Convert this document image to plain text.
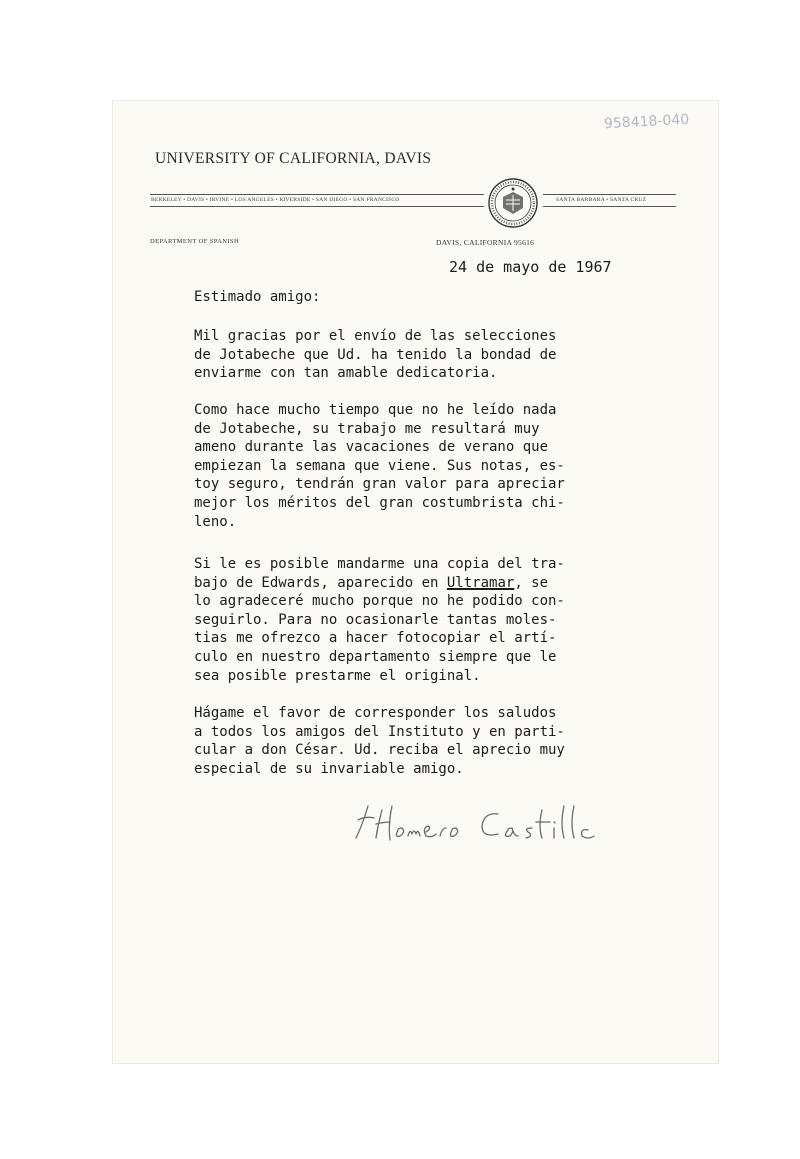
958418-040
UNIVERSITY OF CALIFORNIA, DAVIS
BERKELEY • DAVIS • IRVINE • LOS ANGELES • RIVERSIDE • SAN DIEGO • SAN FRANCISCO	SANTA BARBARA • SANTA CRUZ
DEPARTMENT OF SPANISH	DAVIS, CALIFORNIA 95616
24 de mayo de 1967
Estimado amigo:
Mil gracias por el envío de las selecciones
de Jotabeche que Ud. ha tenido la bondad de
enviarme con tan amable dedicatoria.
Como hace mucho tiempo que no he leído nada
de Jotabeche, su trabajo me resultará muy
ameno durante las vacaciones de verano que
empiezan la semana que viene. Sus notas, es-
toy seguro, tendrán gran valor para apreciar
mejor los méritos del gran costumbrista chi-
leno.
Si le es posible mandarme una copia del tra-
bajo de Edwards, aparecido en Ultramar, se
lo agradeceré mucho porque no he podido con-
seguirlo. Para no ocasionarle tantas moles-
tias me ofrezco a hacer fotocopiar el artí-
culo en nuestro departamento siempre que le
sea posible prestarme el original.
Hágame el favor de corresponder los saludos
a todos los amigos del Instituto y en parti-
cular a don César. Ud. reciba el aprecio muy
especial de su invariable amigo.
